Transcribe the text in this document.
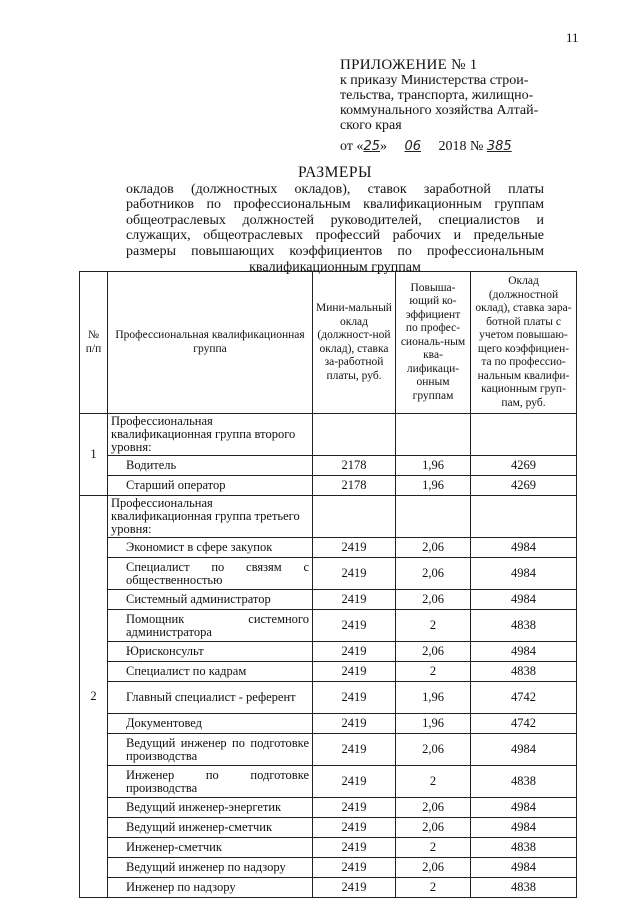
11
ПРИЛОЖЕНИЕ № 1
к приказу Министерства строи-
тельства, транспорта, жилищно-
коммунального хозяйства Алтай-
ского края
от «25» 06 2018 № 385
РАЗМЕРЫ
окладов (должностных окладов), ставок заработной платы работников по профессиональным квалификационным группам общеотраслевых должностей руководителей, специалистов и служащих, общеотраслевых профессий рабочих и предельные размеры повышающих коэффициентов по профессиональным квалификационным группам
№ п/п	Профессиональная квалификационная группа	Мини-мальный оклад (должност-ной оклад), ставка за-работной платы, руб.	Повыша-ющий ко-эффициент по профес-сиональ-ным ква-лификаци-онным группам	Оклад (должностной оклад), ставка зара-ботной платы с учетом повышаю-щего коэффициен-та по профессио-нальным квалифи-кационным груп-пам, руб.
1	Профессиональная квалификационная группа второго уровня:			
	Водитель	2178	1,96	4269
	Старший оператор	2178	1,96	4269
2	Профессиональная квалификационная группа третьего уровня:			
	Экономист в сфере закупок	2419	2,06	4984
	Специалист по связям с общественностью	2419	2,06	4984
	Системный администратор	2419	2,06	4984
	Помощник системного администратора	2419	2	4838
	Юрисконсульт	2419	2,06	4984
	Специалист по кадрам	2419	2	4838
	Главный специалист - референт	2419	1,96	4742
	Документовед	2419	1,96	4742
	Ведущий инженер по подготовке производства	2419	2,06	4984
	Инженер по подготовке производства	2419	2	4838
	Ведущий инженер-энергетик	2419	2,06	4984
	Ведущий инженер-сметчик	2419	2,06	4984
	Инженер-сметчик	2419	2	4838
	Ведущий инженер по надзору	2419	2,06	4984
	Инженер по надзору	2419	2	4838
